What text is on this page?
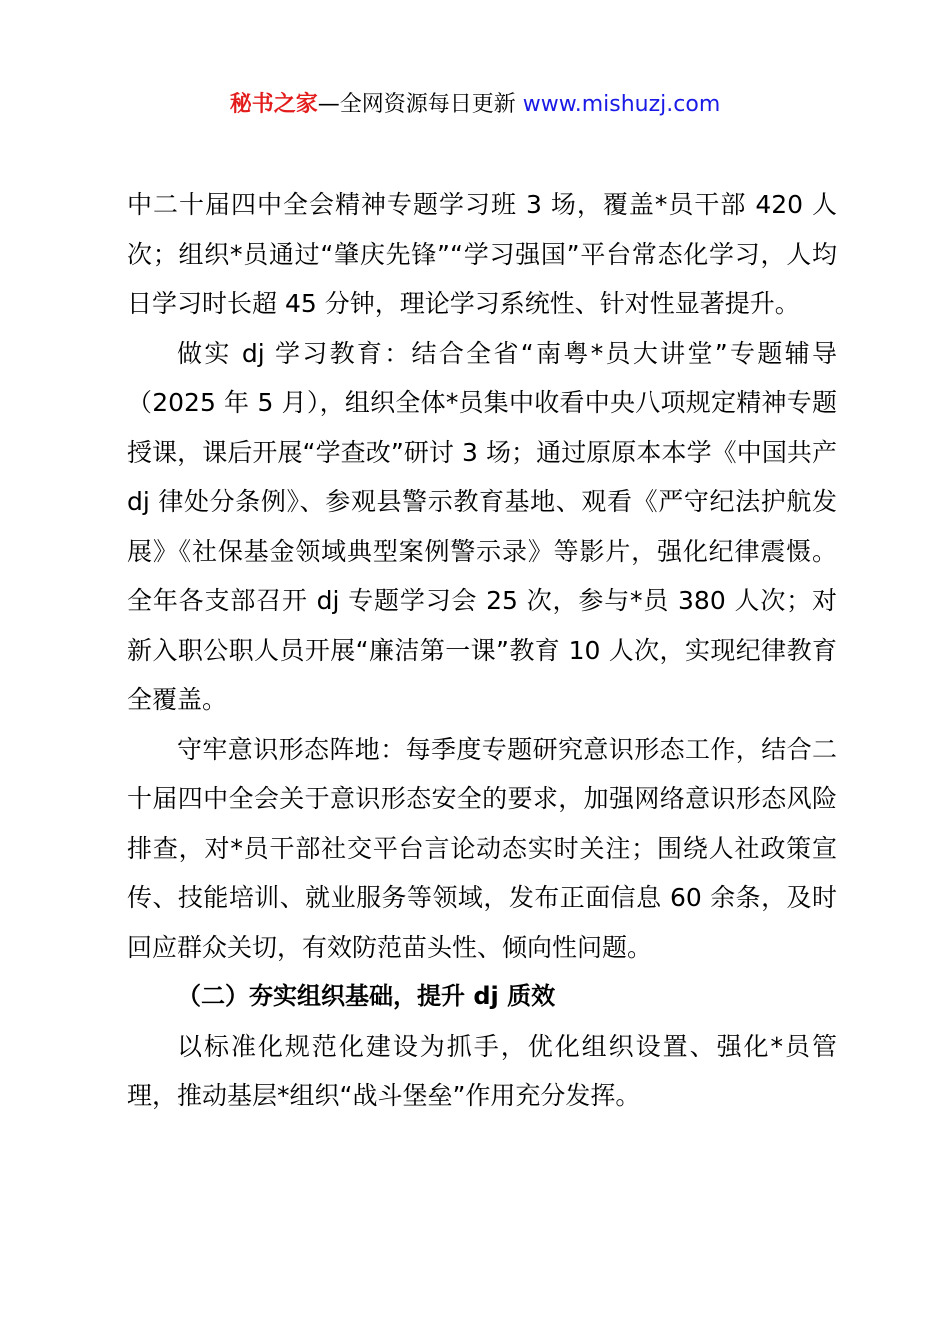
秘书之家—全网资源每日更新 www.mishuzj.com

中二十届四中全会精神专题学习班 3 场，覆盖*员干部 420 人次；组织*员通过“肇庆先锋”“学习强国”平台常态化学习，人均日学习时长超 45 分钟，理论学习系统性、针对性显著提升。

做实 dj 学习教育：结合全省“南粤*员大讲堂”专题辅导（2025 年 5 月），组织全体*员集中收看中央八项规定精神专题授课，课后开展“学查改”研讨 3 场；通过原原本本学《中国共产 dj 律处分条例》、参观县警示教育基地、观看《严守纪法护航发展》《社保基金领域典型案例警示录》等影片，强化纪律震慑。全年各支部召开 dj 专题学习会 25 次，参与*员 380 人次；对新入职公职人员开展“廉洁第一课”教育 10 人次，实现纪律教育全覆盖。

守牢意识形态阵地：每季度专题研究意识形态工作，结合二十届四中全会关于意识形态安全的要求，加强网络意识形态风险排查，对*员干部社交平台言论动态实时关注；围绕人社政策宣传、技能培训、就业服务等领域，发布正面信息 60 余条，及时回应群众关切，有效防范苗头性、倾向性问题。

（二）夯实组织基础，提升 dj 质效

以标准化规范化建设为抓手，优化组织设置、强化*员管理，推动基层*组织“战斗堡垒”作用充分发挥。
